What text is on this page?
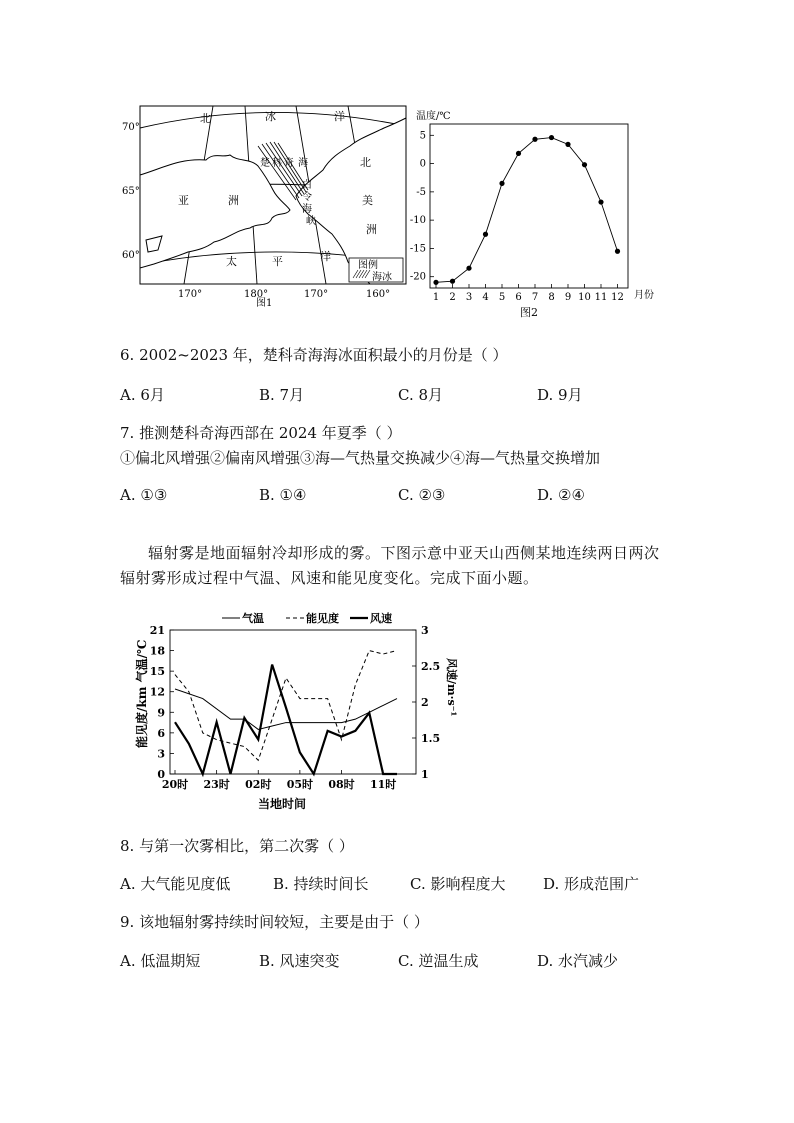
图例
海冰
70°
65°
60°
170°	180°	170°	160°
北	冰	洋
北
美
洲
亚	洲
太	平	洋
楚 科 奇 海
白
令
海
峡
图1
温度/℃
月份
图2
5
0
-5
-10
-15
-20
1 2 3 4 5 6 7 8 9 10 11 12
6. 2002~2023 年，楚科奇海海冰面积最小的月份是（ ）
A. 6月	B. 7月	C. 8月	D. 9月
7. 推测楚科奇海西部在 2024 年夏季（ ）
①偏北风增强②偏南风增强③海—气热量交换减少④海—气热量交换增加
A. ①③	B. ①④	C. ②③	D. ②④
辐射雾是地面辐射冷却形成的雾。下图示意中亚天山西侧某地连续两日两次
辐射雾形成过程中气温、风速和能见度变化。完成下面小题。
气温	能见度	风速
能见度/km 气温/℃	风速/m·s⁻¹
当地时间
0
3
6
9
12
15
18
21
1
1.5
2
2.5
3
20时 23时 02时 05时 08时 11时
8. 与第一次雾相比，第二次雾（ ）
A. 大气能见度低	B. 持续时间长	C. 影响程度大	D. 形成范围广
9. 该地辐射雾持续时间较短，主要是由于（ ）
A. 低温期短	B. 风速突变	C. 逆温生成	D. 水汽减少
